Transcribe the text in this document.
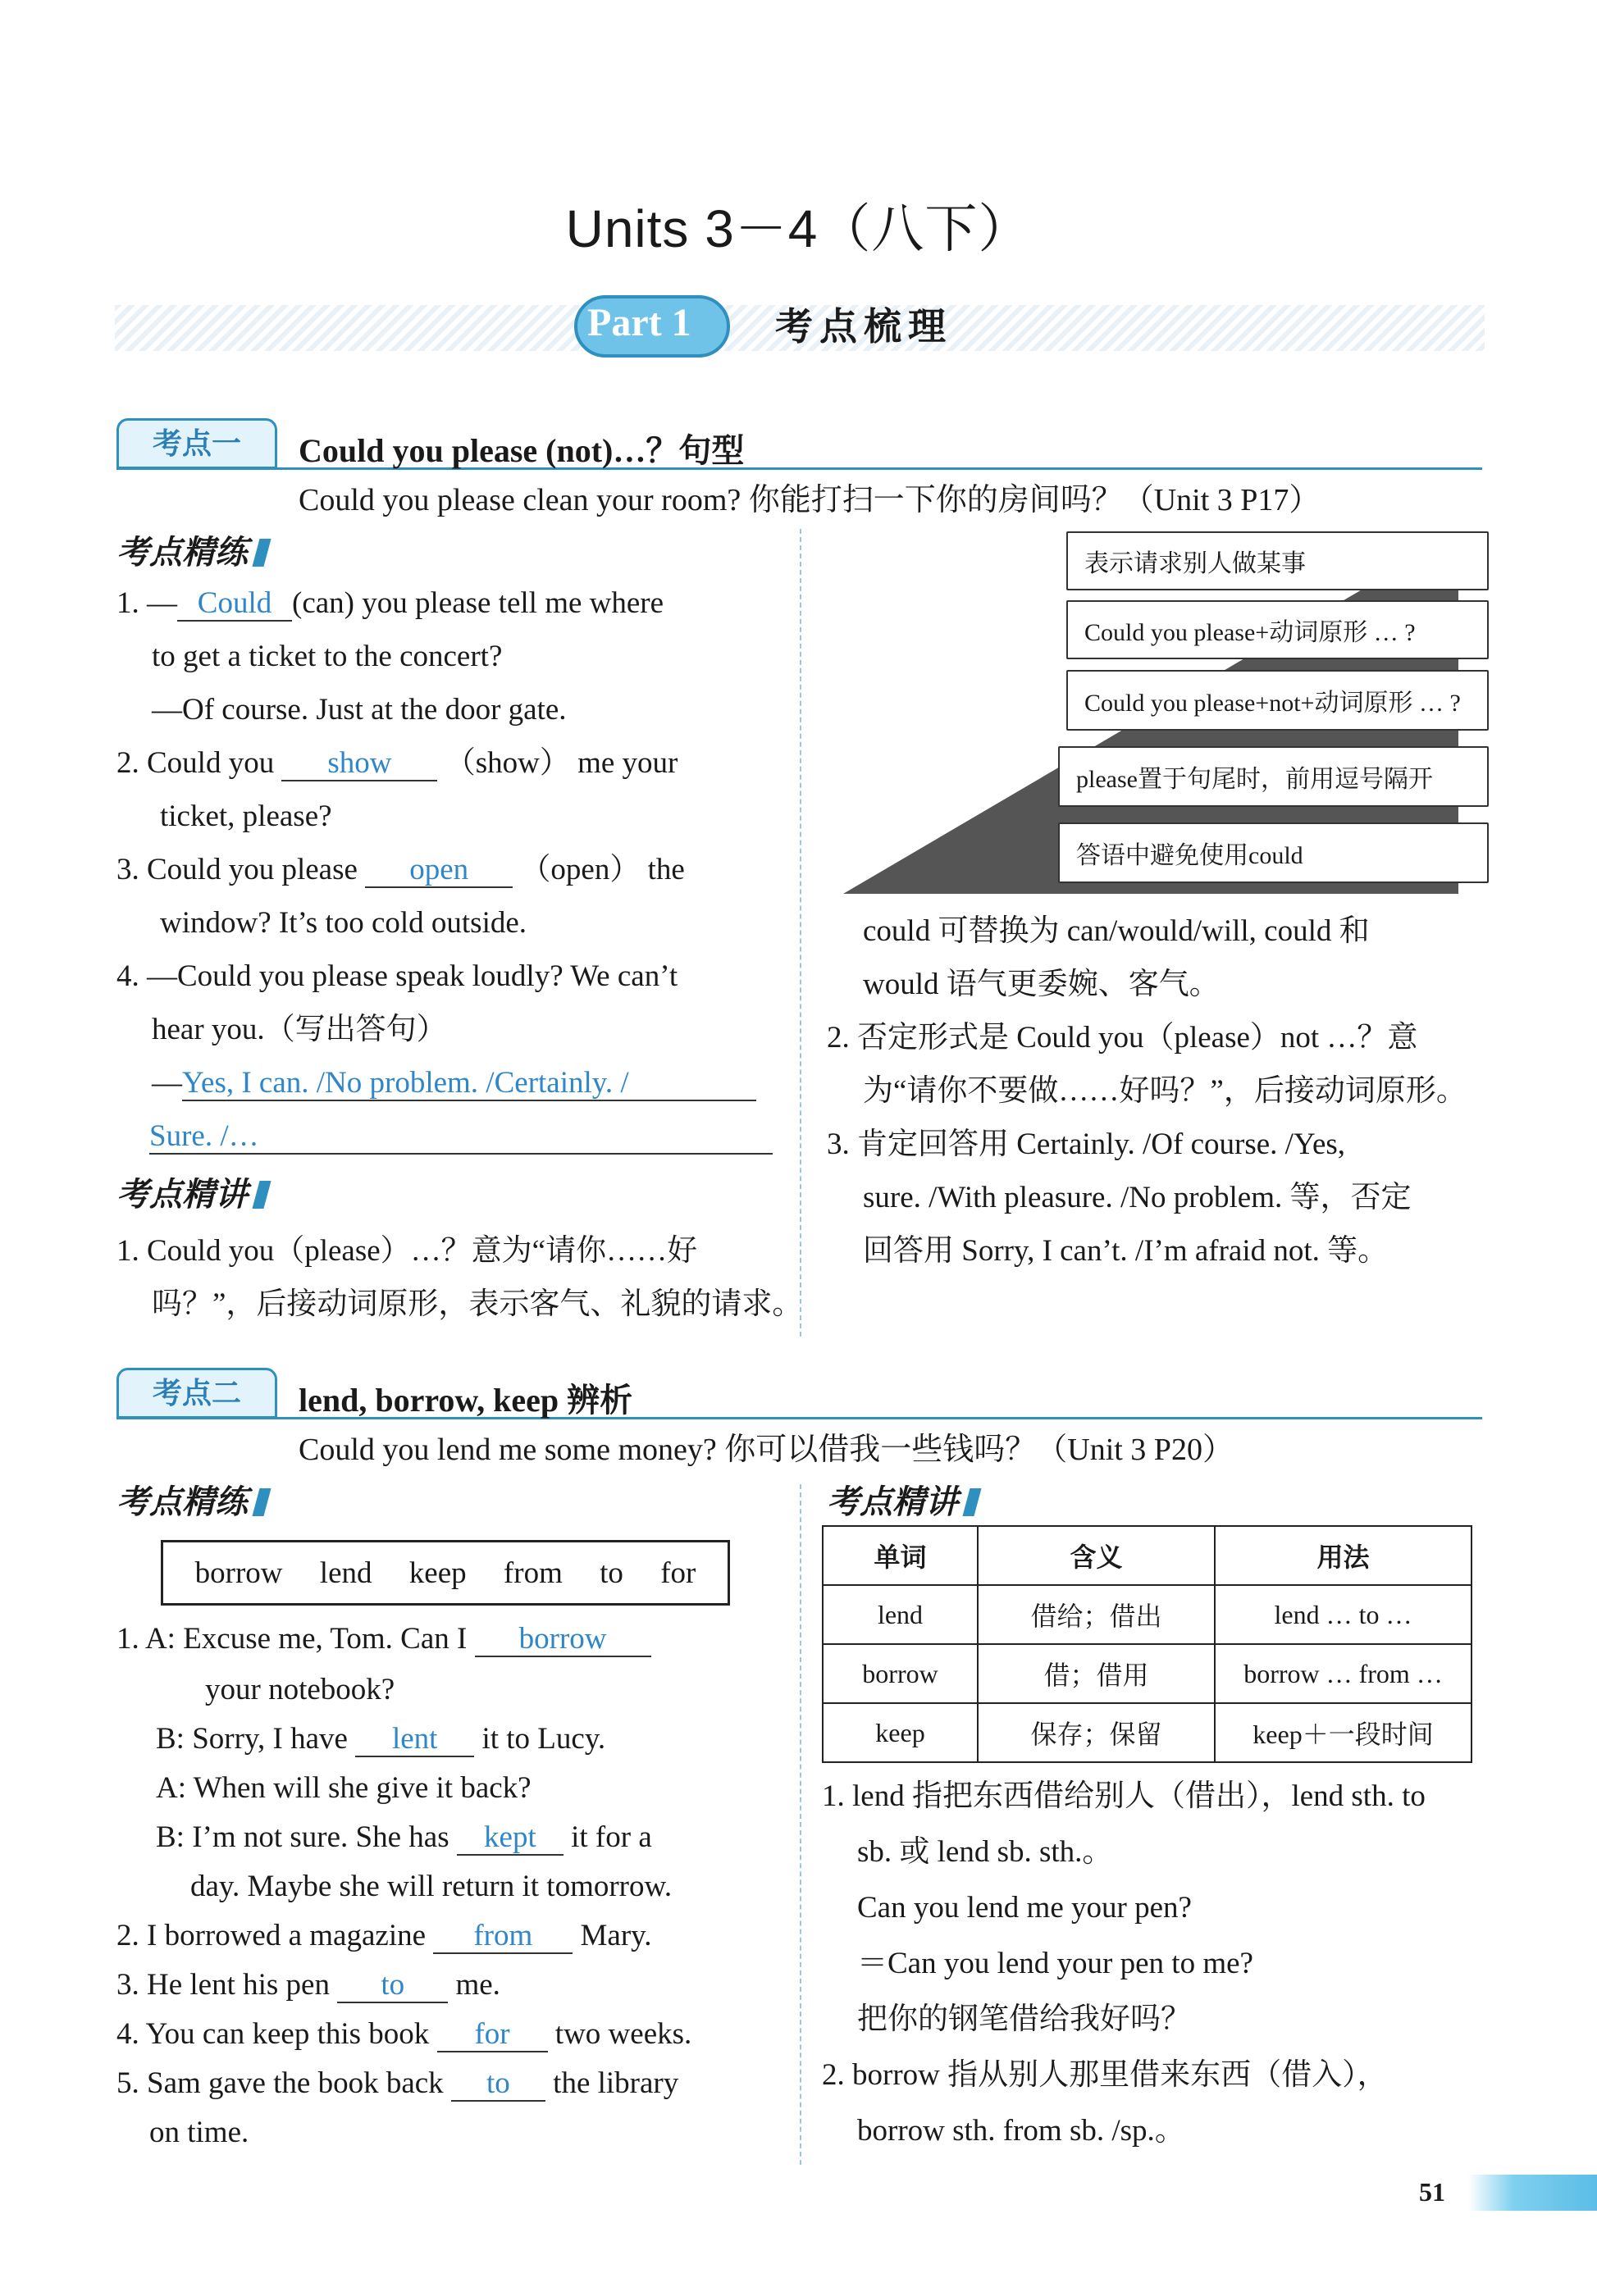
Units 3－4（八下）
Part 1 考点梳理
考点一	Could you please (not)…？句型
Could you please clean your room? 你能打扫一下你的房间吗？（Unit 3 P17）
考点精练
1. — Could (can) you please tell me where
to get a ticket to the concert?
—Of course. Just at the door gate.
2. Could you show （show） me your
ticket, please?
3. Could you please open （open） the
window? It’s too cold outside.
4. —Could you please speak loudly? We can’t
hear you.（写出答句）
—Yes, I can. /No problem. /Certainly. /
Sure. /…
考点精讲
1. Could you（please）…？意为“请你……好
吗？”，后接动词原形，表示客气、礼貌的请求。
Could you please …?	表示请求别人做某事
Could you please+动词原形 … ?
Could you please+not+动词原形 … ?
please置于句尾时，前用逗号隔开
答语中避免使用could
could 可替换为 can/would/will, could 和
would 语气更委婉、客气。
2. 否定形式是 Could you（please）not …？意
为“请你不要做……好吗？”，后接动词原形。
3. 肯定回答用 Certainly. /Of course. /Yes,
sure. /With pleasure. /No problem. 等，否定
回答用 Sorry, I can’t. /I’m afraid not. 等。
考点二	lend, borrow, keep 辨析
Could you lend me some money? 你可以借我一些钱吗？（Unit 3 P20）
考点精练	考点精讲
borrow lend keep from to for
1. A: Excuse me, Tom. Can I borrow
your notebook?
B: Sorry, I have lent it to Lucy.
A: When will she give it back?
B: I’m not sure. She has kept it for a
day. Maybe she will return it tomorrow.
2. I borrowed a magazine from Mary.
3. He lent his pen to me.
4. You can keep this book for two weeks.
5. Sam gave the book back to the library
on time.
单词	含义	用法
lend	借给；借出	lend … to …
borrow	借；借用	borrow … from …
keep	保存；保留	keep＋一段时间
1. lend 指把东西借给别人（借出），lend sth. to
sb. 或 lend sb. sth.。
Can you lend me your pen?
＝Can you lend your pen to me?
把你的钢笔借给我好吗？
2. borrow 指从别人那里借来东西（借入），
borrow sth. from sb. /sp.。
51
